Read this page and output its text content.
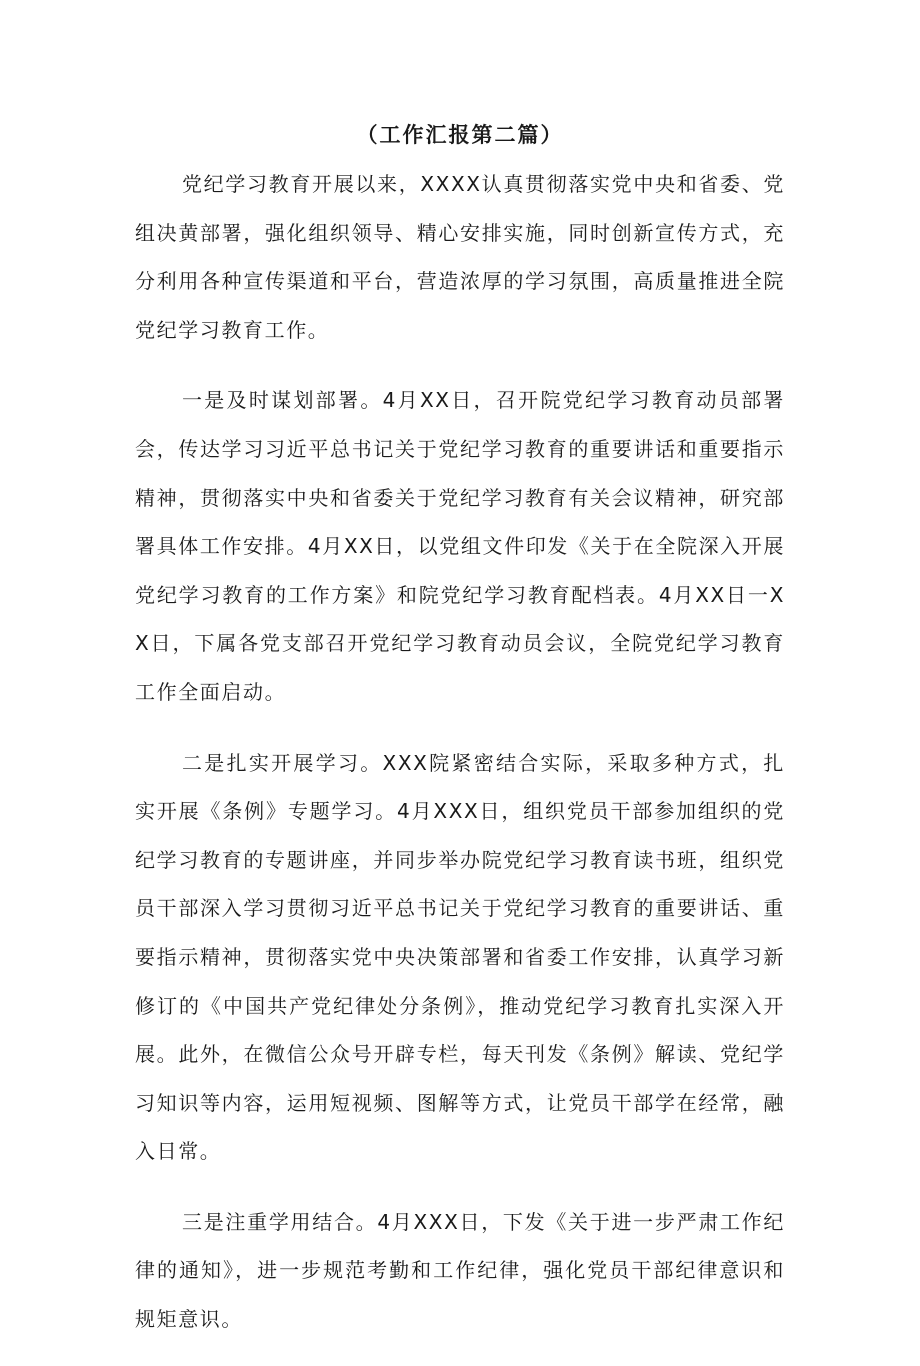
（工作汇报第二篇）

党纪学习教育开展以来，XXXX认真贯彻落实党中央和省委、党组决黄部署，强化组织领导、精心安排实施，同时创新宣传方式，充分利用各种宣传渠道和平台，营造浓厚的学习氛围，高质量推进全院党纪学习教育工作。

一是及时谋划部署。4月XX日，召开院党纪学习教育动员部署会，传达学习习近平总书记关于党纪学习教育的重要讲话和重要指示精神，贯彻落实中央和省委关于党纪学习教育有关会议精神，研究部署具体工作安排。4月XX日，以党组文件印发《关于在全院深入开展党纪学习教育的工作方案》和院党纪学习教育配档表。4月XX日一XX日，下属各党支部召开党纪学习教育动员会议，全院党纪学习教育工作全面启动。

二是扎实开展学习。XXX院紧密结合实际，采取多种方式，扎实开展《条例》专题学习。4月XXX日，组织党员干部参加组织的党纪学习教育的专题讲座，并同步举办院党纪学习教育读书班，组织党员干部深入学习贯彻习近平总书记关于党纪学习教育的重要讲话、重要指示精神，贯彻落实党中央决策部署和省委工作安排，认真学习新修订的《中国共产党纪律处分条例》，推动党纪学习教育扎实深入开展。此外，在微信公众号开辟专栏，每天刊发《条例》解读、党纪学习知识等内容，运用短视频、图解等方式，让党员干部学在经常，融入日常。

三是注重学用结合。4月XXX日，下发《关于进一步严肃工作纪律的通知》，进一步规范考勤和工作纪律，强化党员干部纪律意识和规矩意识。
